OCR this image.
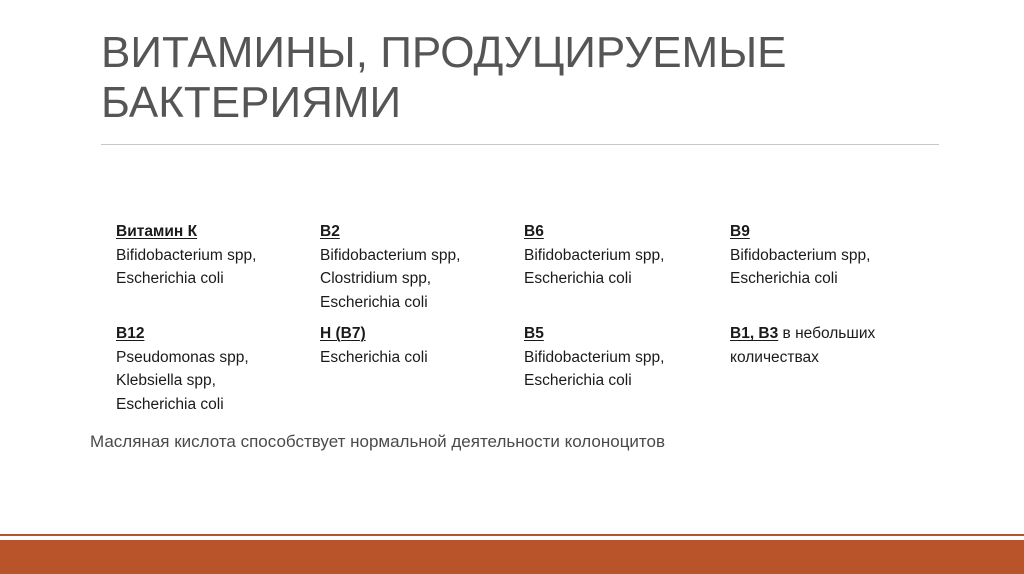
ВИТАМИНЫ, ПРОДУЦИРУЕМЫЕ
БАКТЕРИЯМИ
Витамин К
Bifidobacterium spp,
Escherichia coli
B2
Bifidobacterium spp,
Clostridium spp,
Escherichia coli
B6
Bifidobacterium spp,
Escherichia coli
B9
Bifidobacterium spp,
Escherichia coli
B12
Pseudomonas spp,
Klebsiella spp,
Escherichia coli
H (B7)
Escherichia coli
B5
Bifidobacterium spp,
Escherichia coli
B1, B3 в небольших
количествах
Масляная кислота способствует нормальной деятельности колоноцитов
